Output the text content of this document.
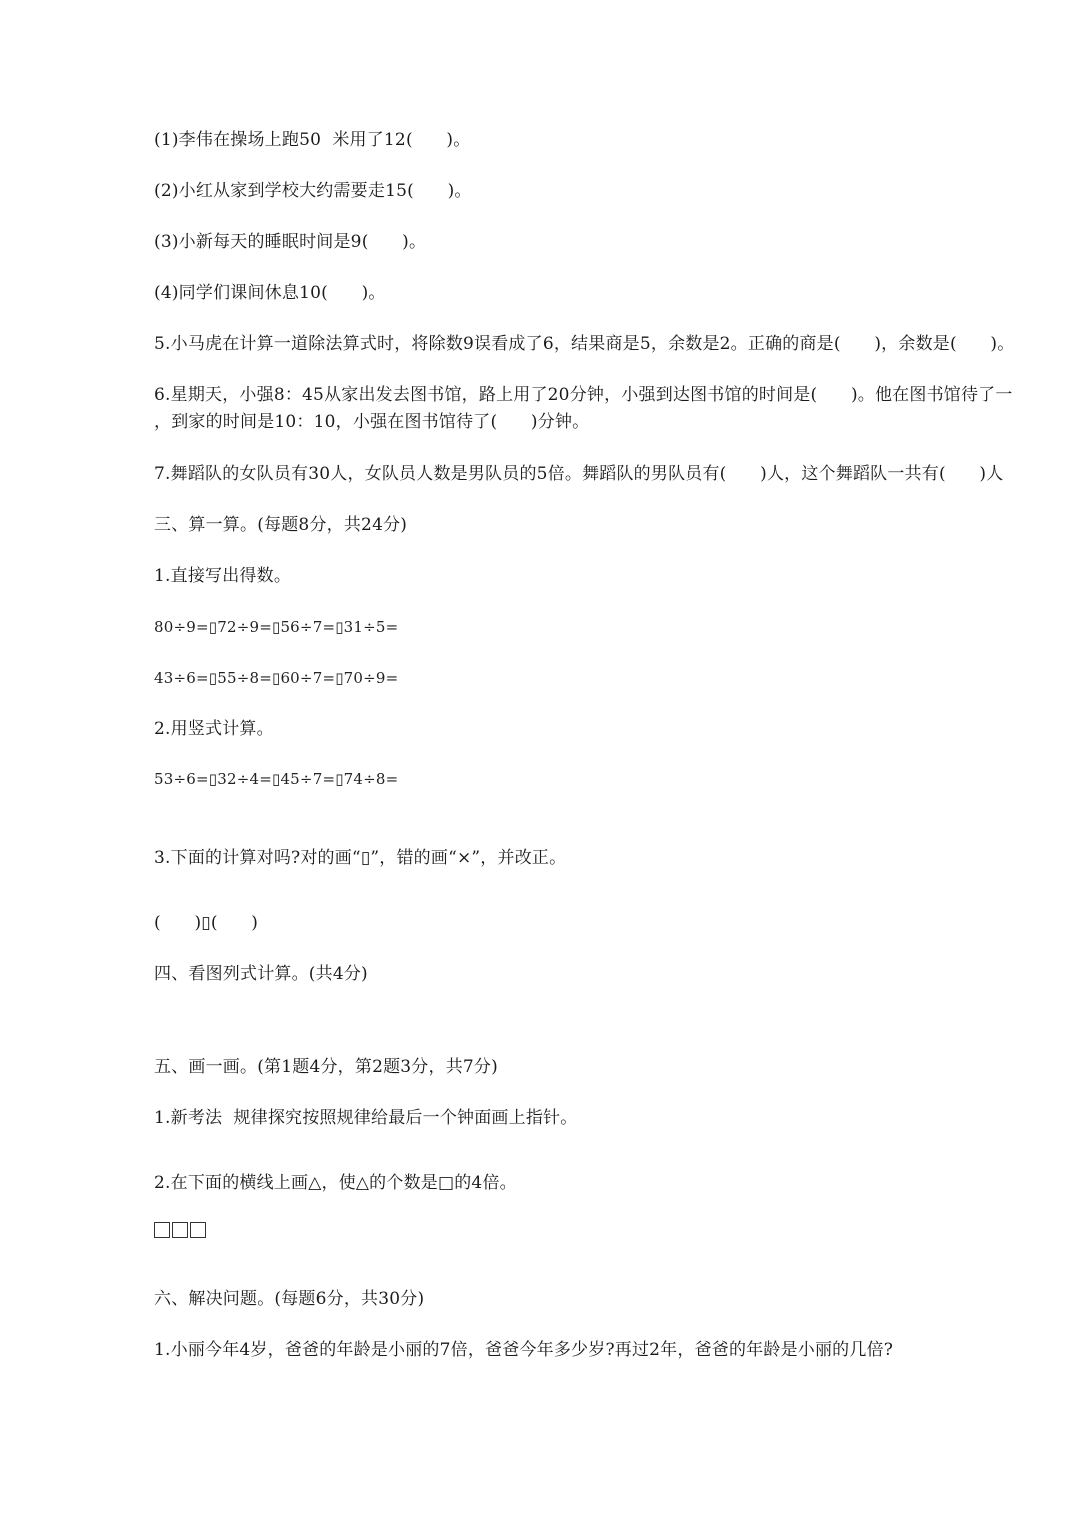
(1)李伟在操场上跑50  米用了12(      )。
(2)小红从家到学校大约需要走15(      )。
(3)小新每天的睡眠时间是9(      )。
(4)同学们课间休息10(      )。
5.小马虎在计算一道除法算式时，将除数9误看成了6，结果商是5，余数是2。正确的商是(      )，余数是(      )。
6.星期天，小强8：45从家出发去图书馆，路上用了20分钟，小强到达图书馆的时间是(      )。他在图书馆待了一
，到家的时间是10：10，小强在图书馆待了(      )分钟。
7.舞蹈队的女队员有30人，女队员人数是男队员的5倍。舞蹈队的男队员有(      )人，这个舞蹈队一共有(      )人
三、算一算。(每题8分，共24分)
1.直接写出得数。
80÷9=▯72÷9=▯56÷7=▯31÷5=
43÷6=▯55÷8=▯60÷7=▯70÷9=
2.用竖式计算。
53÷6=▯32÷4=▯45÷7=▯74÷8=
3.下面的计算对吗?对的画“▯”，错的画“×”，并改正。
(      )▯(      )
四、看图列式计算。(共4分)
五、画一画。(第1题4分，第2题3分，共7分)
1.新考法  规律探究按照规律给最后一个钟面画上指针。
2.在下面的横线上画△，使△的个数是□的4倍。
六、解决问题。(每题6分，共30分)
1.小丽今年4岁，爸爸的年龄是小丽的7倍，爸爸今年多少岁?再过2年，爸爸的年龄是小丽的几倍?
